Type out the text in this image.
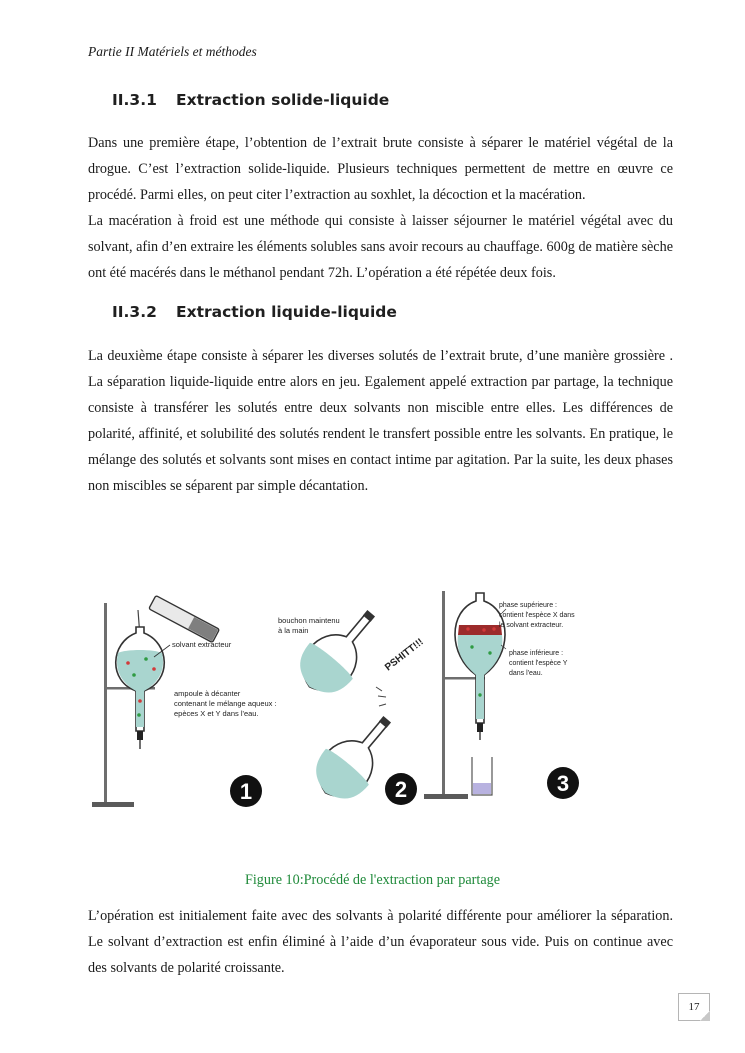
Partie II Matériels et méthodes
II.3.1 Extraction solide-liquide

Dans une première étape, l’obtention de l’extrait brute consiste à séparer le matériel végétal de la drogue. C’est l’extraction solide-liquide. Plusieurs techniques permettent de mettre en œuvre ce procédé. Parmi elles, on peut citer l’extraction au soxhlet, la décoction et la macération.

La macération à froid est une méthode qui consiste à laisser séjourner le matériel végétal avec du solvant, afin d’en extraire les éléments solubles sans avoir recours au chauffage. 600g de matière sèche ont été macérés dans le méthanol pendant 72h. L’opération a été répétée deux fois.

II.3.2 Extraction liquide-liquide

La deuxième étape consiste à séparer les diverses solutés de l’extrait brute, d’une manière grossière . La séparation liquide-liquide entre alors en jeu. Egalement appelé extraction par partage, la technique consiste à transférer les solutés entre deux solvants non miscible entre elles. Les différences de polarité, affinité, et solubilité des solutés rendent le transfert possible entre les solvants. En pratique, le mélange des solutés et solvants sont mises en contact intime par agitation. Par la suite, les deux phases non miscibles se séparent par simple décantation.

solvant extracteur
ampoule à décanter
contenant le mélange aqueux :
epèces X et Y dans l'eau.
1
bouchon maintenu
à la main
PSHITT!!!
2
phase supérieure :
contient l'espèce X dans
le solvant extracteur.
phase inférieure :
contient l'espèce Y
dans l'eau.
3
Figure 10:Procédé de l'extraction par partage

L’opération est initialement faite avec des solvants à polarité différente pour améliorer la séparation. Le solvant d’extraction est enfin éliminé à l’aide d’un évaporateur sous vide. Puis on continue avec des solvants de polarité croissante.

17
